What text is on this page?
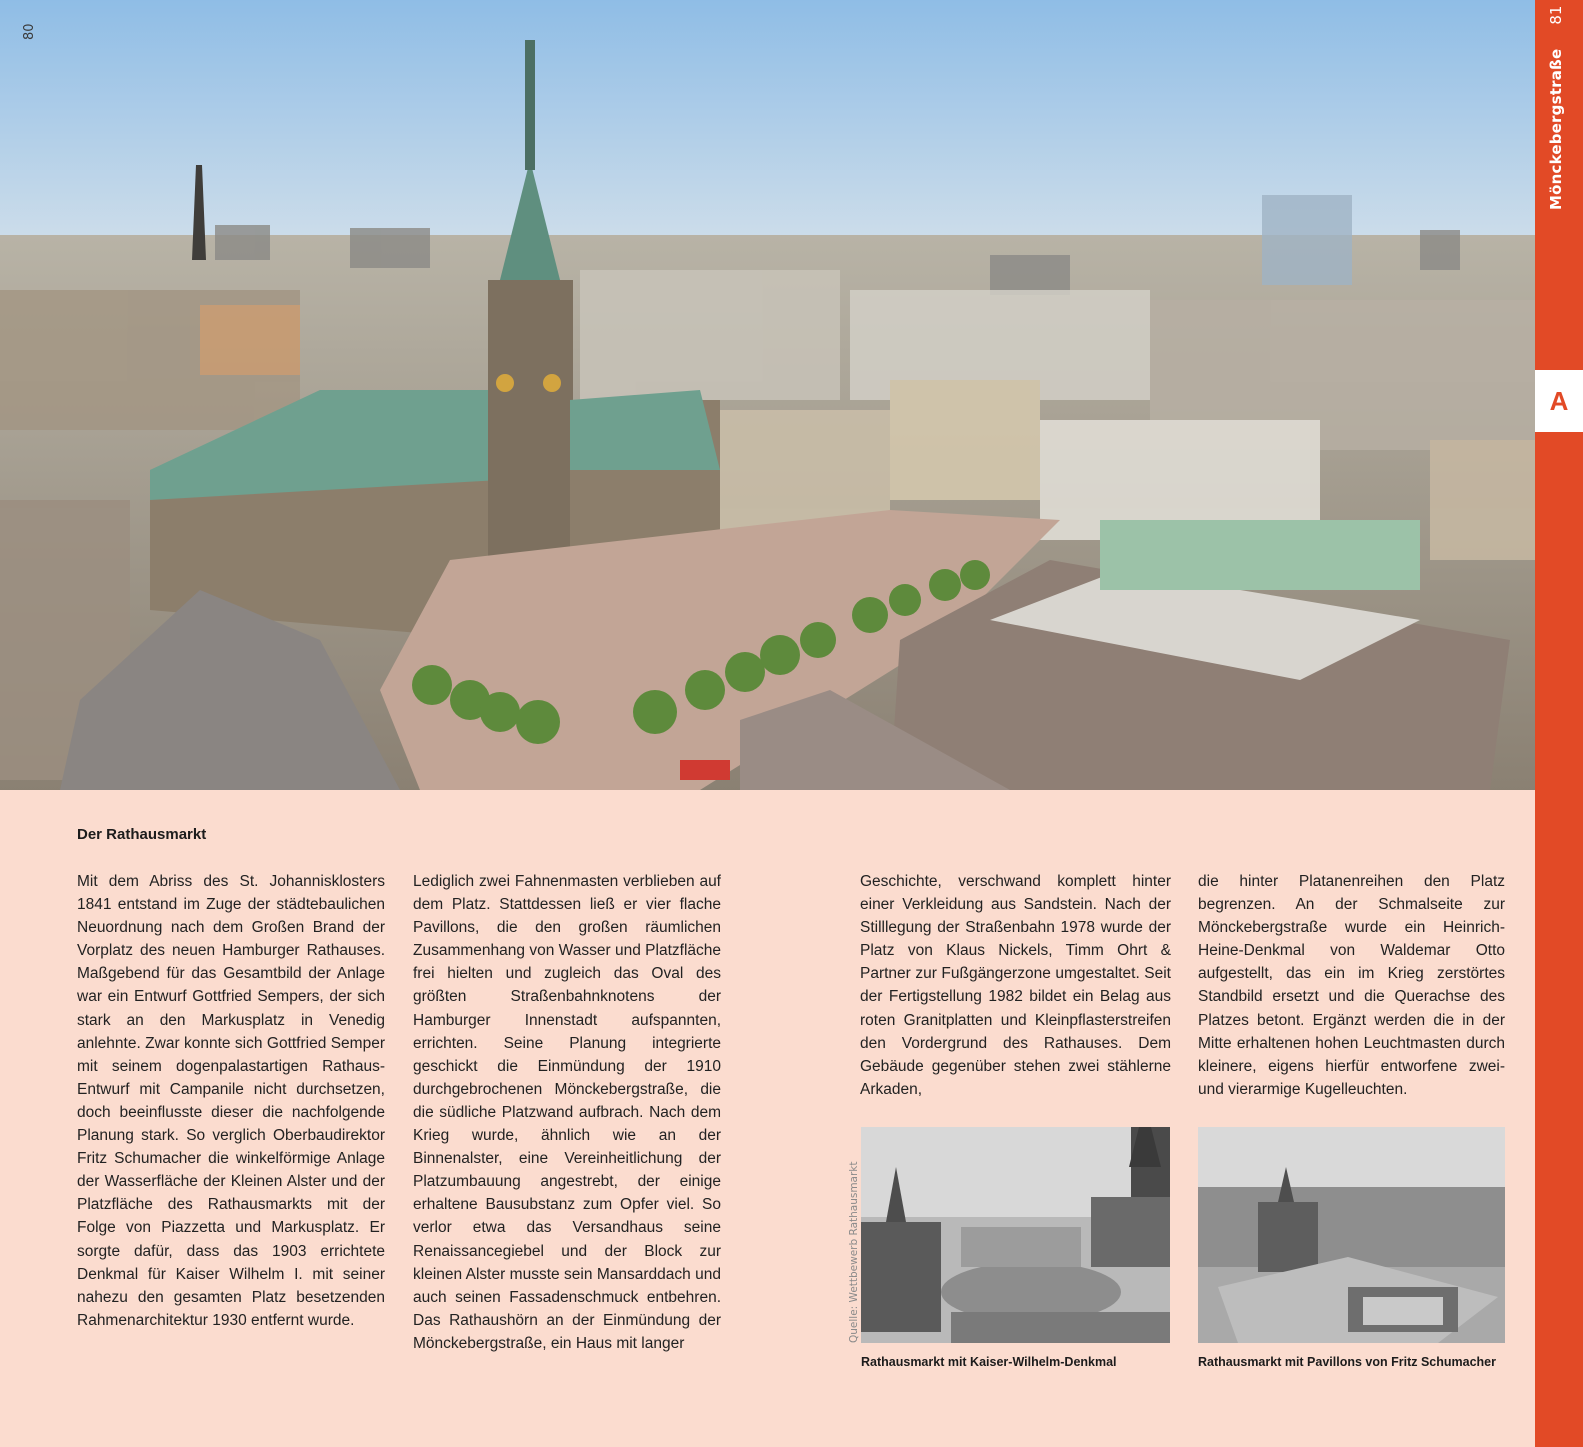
80
Mönckebergstraße
81
A
Der Rathausmarkt
Mit dem Abriss des St. Johannisklosters 1841 entstand im Zuge der städtebaulichen Neuordnung nach dem Großen Brand der Vorplatz des neuen Hamburger Rathauses. Maßgebend für das Gesamtbild der Anlage war ein Entwurf Gottfried Sempers, der sich stark an den Markusplatz in Venedig anlehnte. Zwar konnte sich Gottfried Semper mit seinem dogenpalastartigen Rathaus-Entwurf mit Campanile nicht durchsetzen, doch beeinflusste dieser die nachfolgende Planung stark. So verglich Oberbaudirektor Fritz Schumacher die winkelförmige Anlage der Wasserfläche der Kleinen Alster und der Platzfläche des Rathausmarkts mit der Folge von Piazzetta und Markusplatz. Er sorgte dafür, dass das 1903 errichtete Denkmal für Kaiser Wilhelm I. mit seiner nahezu den gesamten Platz besetzenden Rahmenarchitektur 1930 entfernt wurde.
Lediglich zwei Fahnenmasten verblieben auf dem Platz. Stattdessen ließ er vier flache Pavillons, die den großen räumlichen Zusammenhang von Wasser und Platzfläche frei hielten und zugleich das Oval des größten Straßenbahnknotens der Hamburger Innenstadt aufspannten, errichten. Seine Planung integrierte geschickt die Einmündung der 1910 durchgebrochenen Mönckebergstraße, die die südliche Platzwand aufbrach. Nach dem Krieg wurde, ähnlich wie an der Binnenalster, eine Vereinheitlichung der Platzumbauung angestrebt, der einige erhaltene Bausubstanz zum Opfer viel. So verlor etwa das Versandhaus seine Renaissancegiebel und der Block zur kleinen Alster musste sein Mansarddach und auch seinen Fassadenschmuck entbehren. Das Rathaushörn an der Einmündung der Mönckebergstraße, ein Haus mit langer
Geschichte, verschwand komplett hinter einer Verkleidung aus Sandstein. Nach der Stilllegung der Straßenbahn 1978 wurde der Platz von Klaus Nickels, Timm Ohrt & Partner zur Fußgängerzone umgestaltet. Seit der Fertigstellung 1982 bildet ein Belag aus roten Granitplatten und Kleinpflasterstreifen den Vordergrund des Rathauses. Dem Gebäude gegenüber stehen zwei stählerne Arkaden,
die hinter Platanenreihen den Platz begrenzen. An der Schmalseite zur Mönckebergstraße wurde ein Heinrich-Heine-Denkmal von Waldemar Otto aufgestellt, das ein im Krieg zerstörtes Standbild ersetzt und die Querachse des Platzes betont. Ergänzt werden die in der Mitte erhaltenen hohen Leuchtmasten durch kleinere, eigens hierfür entworfene zwei- und vierarmige Kugelleuchten.
Quelle: Wettbewerb Rathausmarkt
Rathausmarkt mit Kaiser-Wilhelm-Denkmal	Rathausmarkt mit Pavillons von Fritz Schumacher
